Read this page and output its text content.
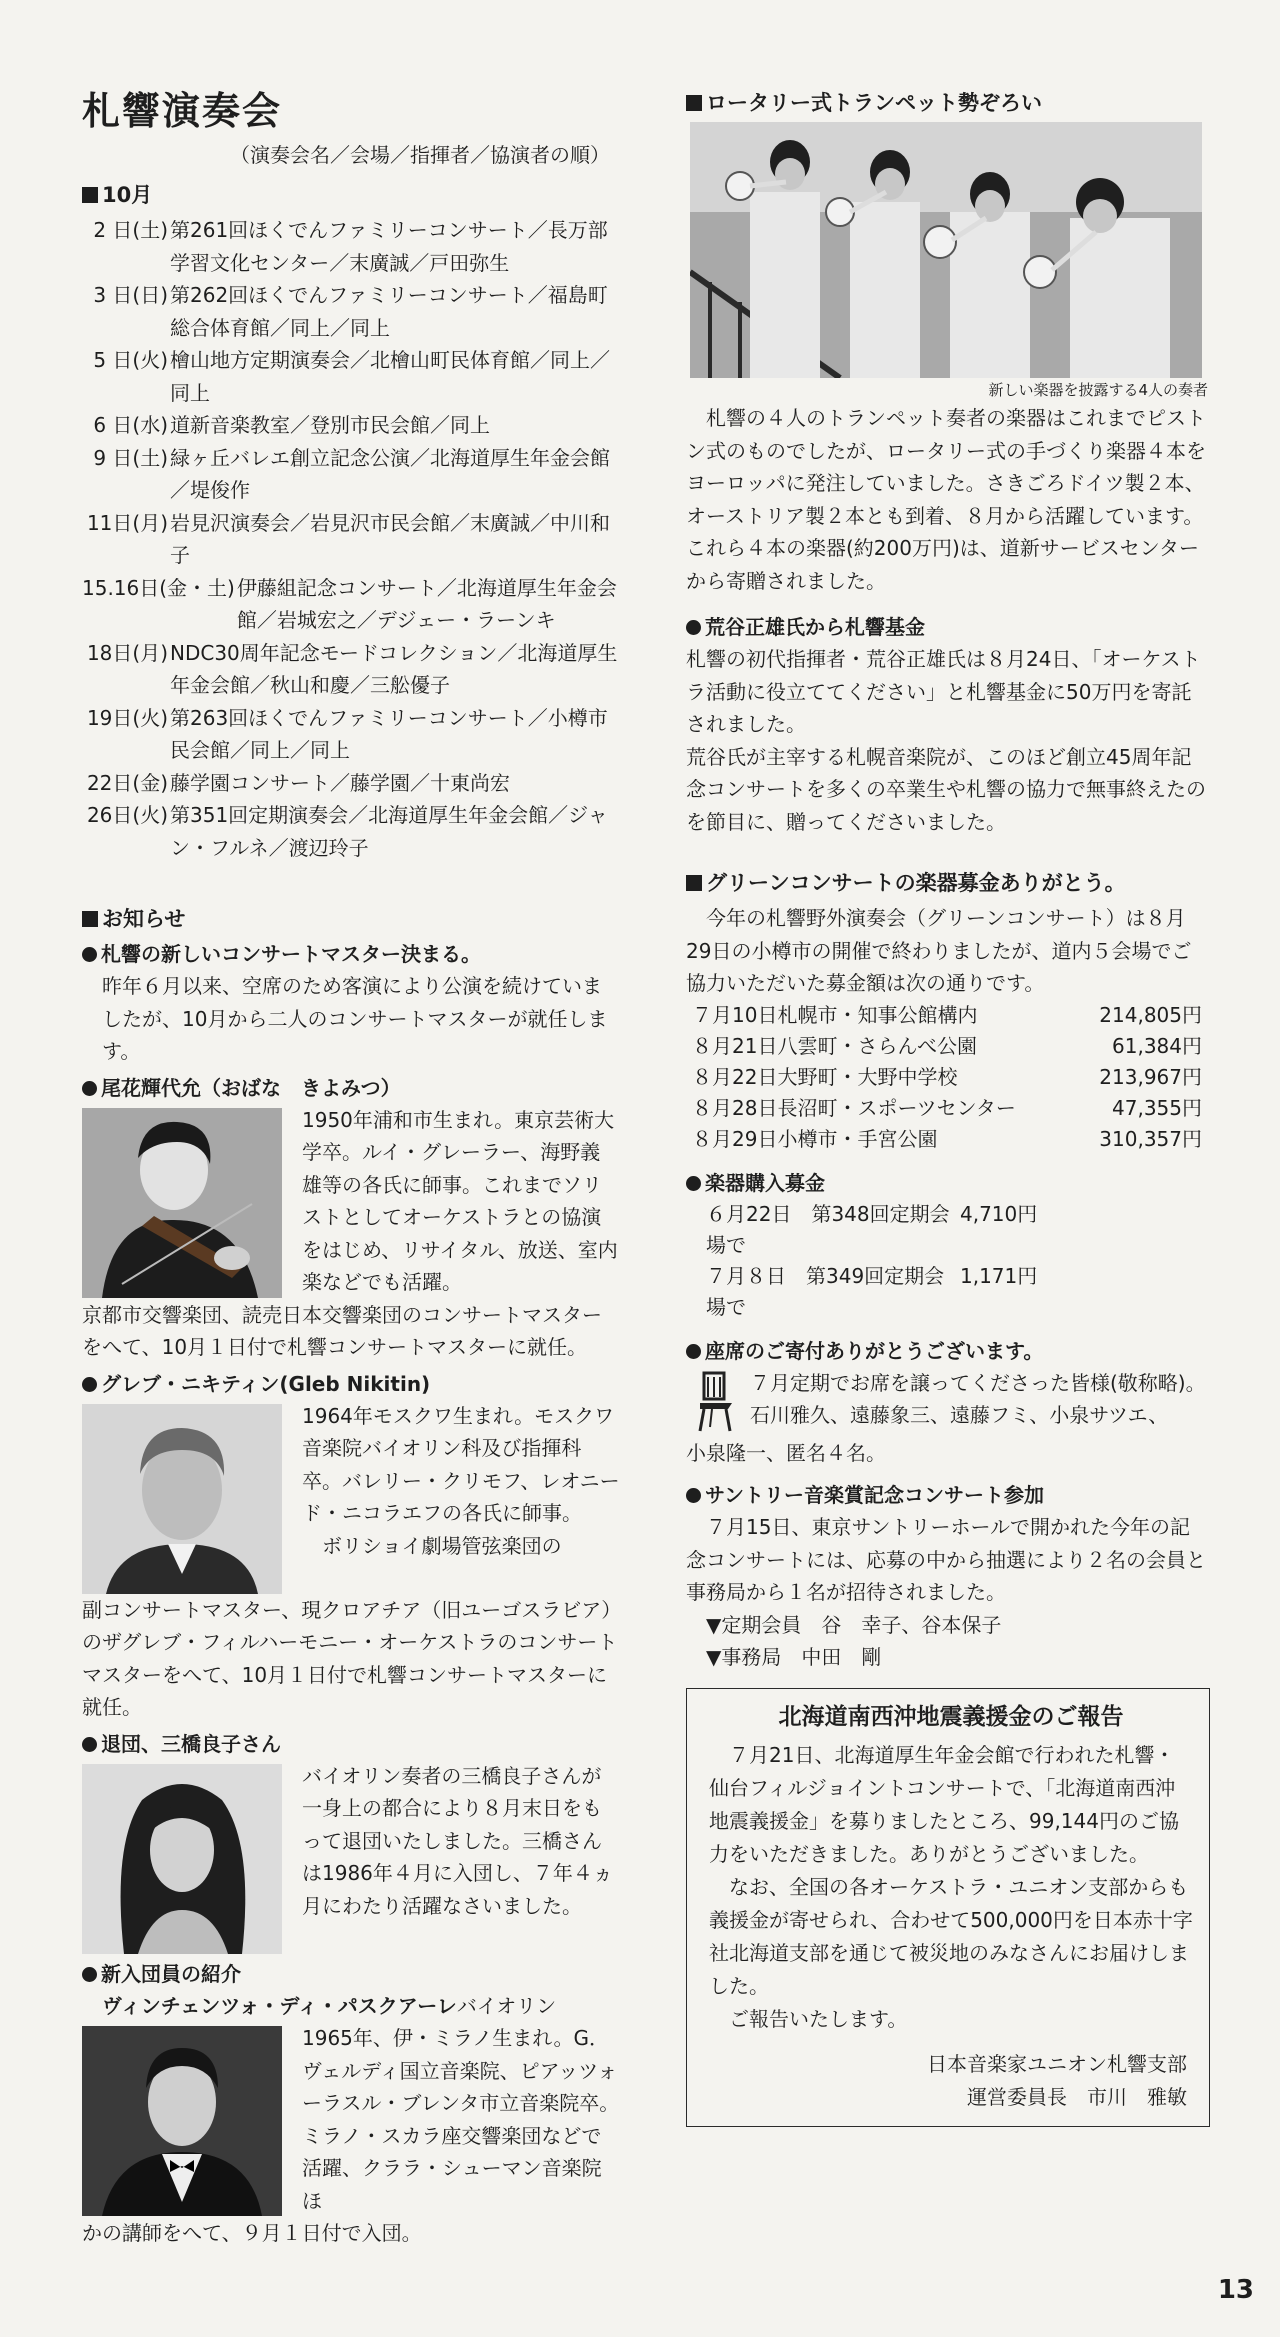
札響演奏会
（演奏会名／会場／指揮者／協演者の順）
10月
2 日(土) 第261回ほくでんファミリーコンサート／長万部学習文化センター／末廣誠／戸田弥生
3 日(日) 第262回ほくでんファミリーコンサート／福島町総合体育館／同上／同上
5 日(火) 檜山地方定期演奏会／北檜山町民体育館／同上／同上
6 日(水) 道新音楽教室／登別市民会館／同上
9 日(土) 緑ヶ丘バレエ創立記念公演／北海道厚生年金会館／堤俊作
11日(月) 岩見沢演奏会／岩見沢市民会館／末廣誠／中川和子
15.16日(金・土) 伊藤組記念コンサート／北海道厚生年金会館／岩城宏之／デジェー・ラーンキ
18日(月) NDC30周年記念モードコレクション／北海道厚生年金会館／秋山和慶／三舩優子
19日(火) 第263回ほくでんファミリーコンサート／小樽市民会館／同上／同上
22日(金) 藤学園コンサート／藤学園／十東尚宏
26日(火) 第351回定期演奏会／北海道厚生年金会館／ジャン・フルネ／渡辺玲子
お知らせ
札響の新しいコンサートマスター決まる。
昨年６月以来、空席のため客演により公演を続けていましたが、10月から二人のコンサートマスターが就任します。
尾花輝代允（おばな　きよみつ）
1950年浦和市生まれ。東京芸術大学卒。ルイ・グレーラー、海野義雄等の各氏に師事。これまでソリストとしてオーケストラとの協演をはじめ、リサイタル、放送、室内楽などでも活躍。
京都市交響楽団、読売日本交響楽団のコンサートマスターをへて、10月１日付で札響コンサートマスターに就任。
グレブ・ニキティン(Gleb Nikitin)
1964年モスクワ生まれ。モスクワ音楽院バイオリン科及び指揮科卒。バレリー・クリモフ、レオニード・ニコラエフの各氏に師事。
ボリショイ劇場管弦楽団の
副コンサートマスター、現クロアチア（旧ユーゴスラビア）のザグレブ・フィルハーモニー・オーケストラのコンサートマスターをへて、10月１日付で札響コンサートマスターに就任。
退団、三橋良子さん
バイオリン奏者の三橋良子さんが一身上の都合により８月末日をもって退団いたしました。三橋さんは1986年４月に入団し、７年４ヵ月にわたり活躍なさいました。
新入団員の紹介
ヴィンチェンツォ・ディ・パスクアーレバイオリン
1965年、伊・ミラノ生まれ。G．ヴェルディ国立音楽院、ピアッツォーラスル・ブレンタ市立音楽院卒。ミラノ・スカラ座交響楽団などで活躍、クララ・シューマン音楽院ほ
かの講師をへて、９月１日付で入団。
ロータリー式トランペット勢ぞろい
新しい楽器を披露する4人の奏者
札響の４人のトランペット奏者の楽器はこれまでピストン式のものでしたが、ロータリー式の手づくり楽器４本をヨーロッパに発注していました。さきごろドイツ製２本、オーストリア製２本とも到着、８月から活躍しています。これら４本の楽器(約200万円)は、道新サービスセンターから寄贈されました。
荒谷正雄氏から札響基金
札響の初代指揮者・荒谷正雄氏は８月24日、「オーケストラ活動に役立ててください」と札響基金に50万円を寄託されました。
荒谷氏が主宰する札幌音楽院が、このほど創立45周年記念コンサートを多くの卒業生や札響の協力で無事終えたのを節目に、贈ってくださいました。
グリーンコンサートの楽器募金ありがとう。
今年の札響野外演奏会（グリーンコンサート）は８月29日の小樽市の開催で終わりましたが、道内５会場でご協力いただいた募金額は次の通りです。
７月10日札幌市・知事公館構内	214,805円
８月21日八雲町・さらんべ公園	61,384円
８月22日大野町・大野中学校	213,967円
８月28日長沼町・スポーツセンター	47,355円
８月29日小樽市・手宮公園	310,357円
楽器購入募金
６月22日　第348回定期会場で
4,710円
７月８日　第349回定期会場で
1,171円
座席のご寄付ありがとうございます。
７月定期でお席を譲ってくださった皆様(敬称略)。
石川雅久、遠藤象三、遠藤フミ、小泉サツエ、
小泉隆一、匿名４名。
サントリー音楽賞記念コンサート参加
７月15日、東京サントリーホールで開かれた今年の記念コンサートには、応募の中から抽選により２名の会員と事務局から１名が招待されました。
▼定期会員　谷　幸子、谷本保子
▼事務局　中田　剛
北海道南西沖地震義援金のご報告
７月21日、北海道厚生年金会館で行われた札響・仙台フィルジョイントコンサートで、「北海道南西沖地震義援金」を募りましたところ、99,144円のご協力をいただきました。ありがとうございました。
なお、全国の各オーケストラ・ユニオン支部からも義援金が寄せられ、合わせて500,000円を日本赤十字社北海道支部を通じて被災地のみなさんにお届けしました。
ご報告いたします。
日本音楽家ユニオン札響支部
運営委員長　市川　雅敏
13
